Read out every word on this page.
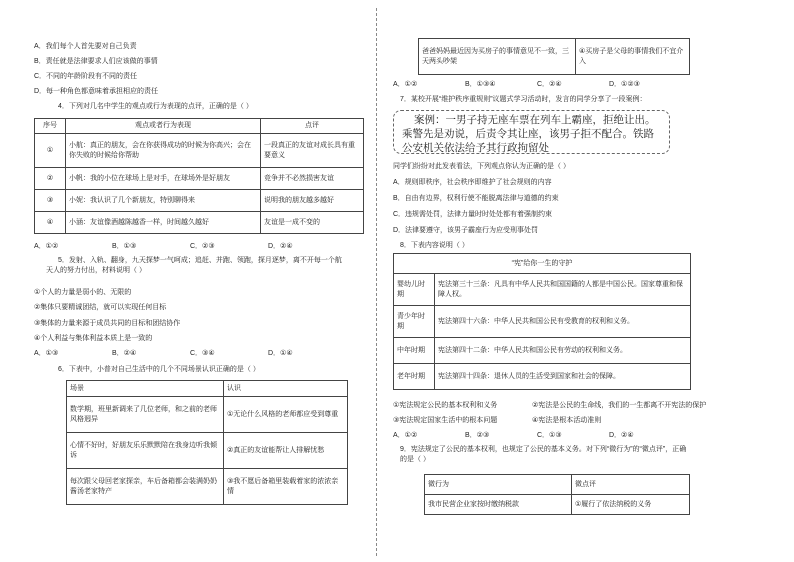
A．我们每个人首先要对自己负责
B．责任就是法律要求人们应该做的事情
C．不同的年龄阶段有不同的责任
D．每一种角色都意味着承担相应的责任
4．下列对几名中学生的观点或行为表现的点评，正确的是（ ）
序号	观点或者行为表现	点评
①	小航：真正的朋友，会在你获得成功的时候为你高兴；会在你失败的时候给你帮助	一段真正的友谊对成长具有重要意义
②	小帆：我的小位在球场上是对手，在球场外是好朋友	竞争并不必然损害友谊
③	小妮：我认识了几个新朋友，特别聊得来	说明我的朋友越多越好
④	小涵：友谊像酒越陈越香一样，时间越久越好	友谊是一成不变的
A．①②	B．①③	C．②③	D．②④
5．发射、入轨、翻身，九天探梦一气呵成；追赶、并跑、领跑，探月逐梦，离不开每一个航天人的努力付出，材料说明（ ）
①个人的力量是弱小的、无限的
②集体只要精诚团结，就可以实现任何目标
③集体的力量来源于成员共同的目标和团结协作
④个人利益与集体利益本质上是一致的
A．①③	B．②④	C．③④	D．①④
6．下表中，小普对自己生活中的几个不同场景认识正确的是（ ）
场景	认识
数学期，班里新调来了几位老师，和之前的老师风格迥异	①无论什么风格的老师都应受到尊重
心情不好时，好朋友乐乐默默陪在我身边听我倾诉	②真正的友谊能帮让人排解忧愁
每次跟父母回老家探亲，车后备箱都会装满奶奶酱汤老家特产	③我不愿后备箱里装载着家的浓浓亲情
爸爸妈妈最近因为买房子的事情意见不一致，三天两头吵架	④买房子是父母的事情我们不宜介入
A．①②	B．①③④	C．②④	D．①②③
7．某校开展“维护秩序重规则”议题式学习活动时，发言的同学分享了一段案例：
案例：一男子持无座车票在列车上霸座，拒绝让出。乘警先是劝说，后责令其让座，该男子拒不配合。铁路公安机关依法给予其行政拘留处
同学们纷纷对此发表看法，下列观点你认为正确的是（ ）
A．规则即秩序，社会秩序即维护了社会规则的内容
B．自由有边界，权利行使不能脱离法律与道德的约束
C．违规需处罚，法律力量时时处处都有着强制约束
D．法律要遵守，该男子霸座行为应受刑事处罚
8．下表内容说明（ ）
“宪”给你一生的守护	
婴幼儿时期	宪法第三十三条：凡具有中华人民共和国国籍的人都是中国公民。国家尊重和保障人权。
青少年时期	宪法第四十六条：中华人民共和国公民有受教育的权利和义务。
中年时期	宪法第四十二条：中华人民共和国公民有劳动的权利和义务。
老年时期	宪法第四十四条：退休人员的生活受到国家和社会的保障。
①宪法规定公民的基本权利和义务	②宪法是公民的生命线，我们的一生都离不开宪法的保护
③宪法规定国家生活中的根本问题	④宪法是根本活动准则
A．①②	B．②③	C．①③	D．②④
9．宪法规定了公民的基本权利，也规定了公民的基本义务。对下列“微行为”的“微点评”，正确的是（ ）
微行为	微点评
我市民营企业家按时缴纳税款	①履行了依法纳税的义务
